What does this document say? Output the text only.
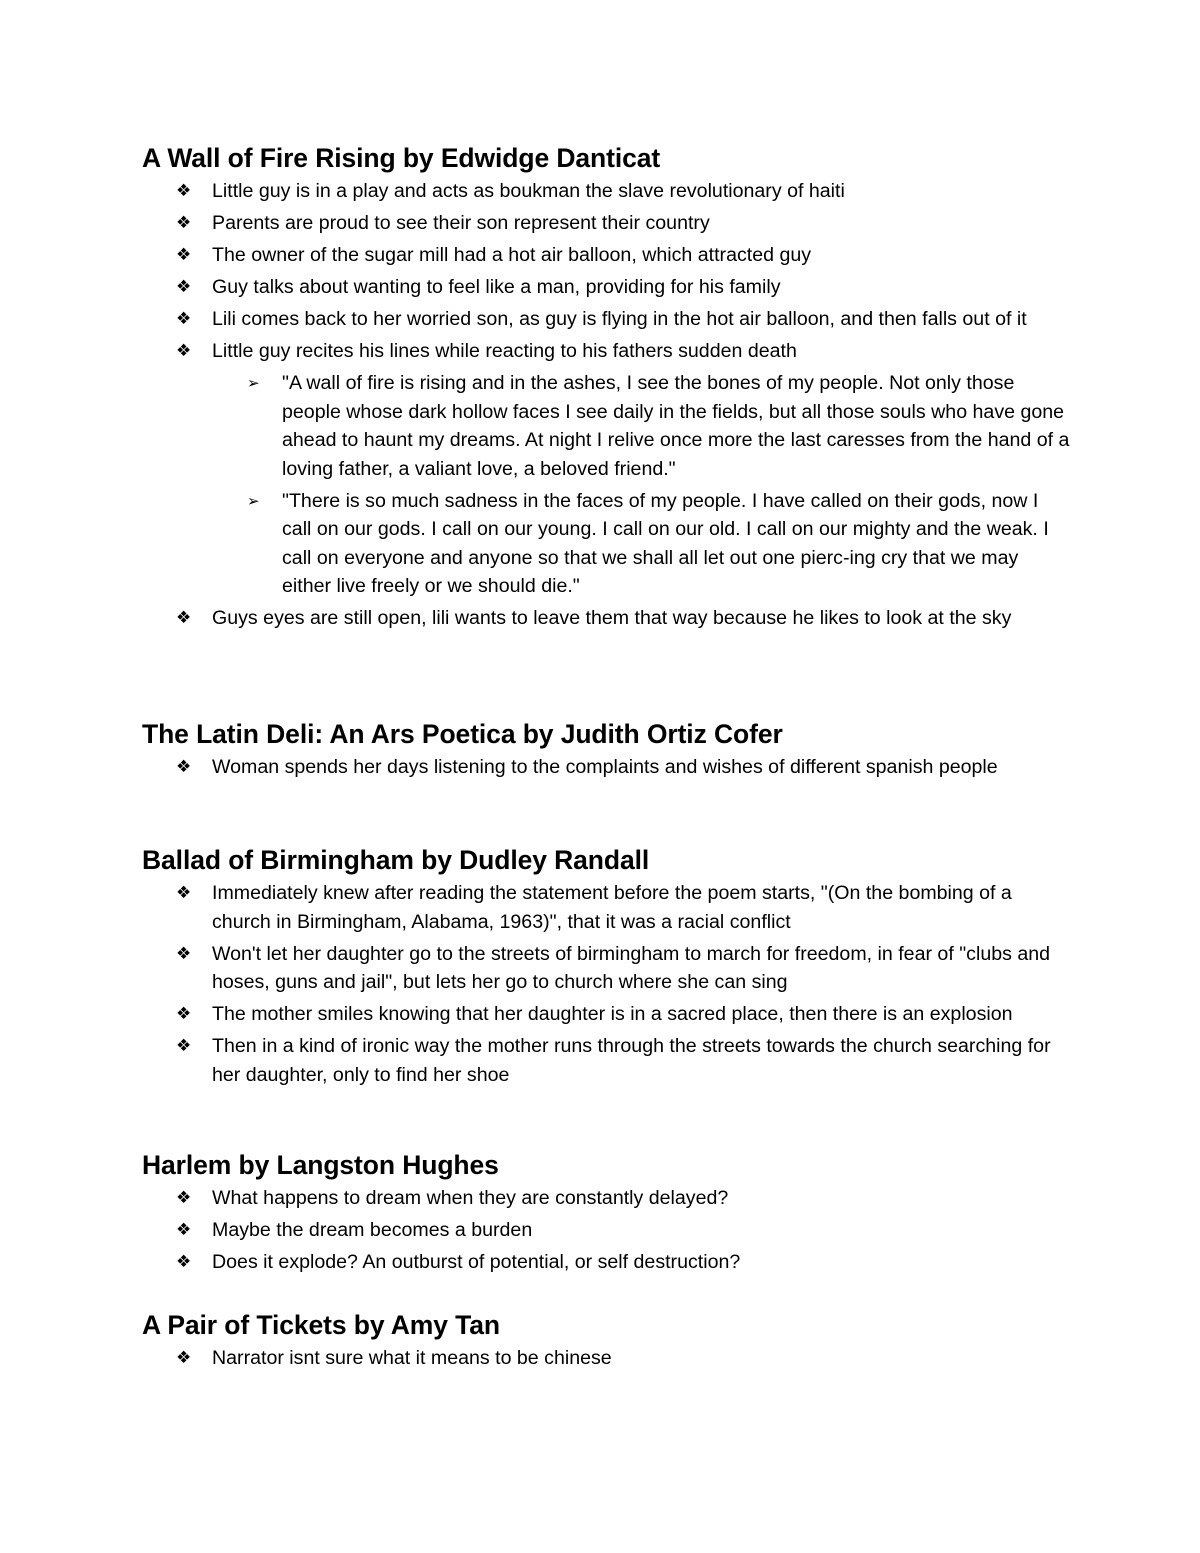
A Wall of Fire Rising by Edwidge Danticat
❖ Little guy is in a play and acts as boukman the slave revolutionary of haiti
❖ Parents are proud to see their son represent their country
❖ The owner of the sugar mill had a hot air balloon, which attracted guy
❖ Guy talks about wanting to feel like a man, providing for his family
❖ Lili comes back to her worried son, as guy is flying in the hot air balloon, and then falls out of it
❖ Little guy recites his lines while reacting to his fathers sudden death
➢ "A wall of fire is rising and in the ashes, I see the bones of my people. Not only those people whose dark hollow faces I see daily in the fields, but all those souls who have gone ahead to haunt my dreams. At night I relive once more the last caresses from the hand of a loving father, a valiant love, a beloved friend."
➢ "There is so much sadness in the faces of my people. I have called on their gods, now I call on our gods. I call on our young. I call on our old. I call on our mighty and the weak. I call on everyone and anyone so that we shall all let out one pierc-ing cry that we may either live freely or we should die."
❖ Guys eyes are still open, lili wants to leave them that way because he likes to look at the sky
The Latin Deli: An Ars Poetica by Judith Ortiz Cofer
❖ Woman spends her days listening to the complaints and wishes of different spanish people
Ballad of Birmingham by Dudley Randall
❖ Immediately knew after reading the statement before the poem starts, "(On the bombing of a church in Birmingham, Alabama, 1963)", that it was a racial conflict
❖ Won't let her daughter go to the streets of birmingham to march for freedom, in fear of "clubs and hoses, guns and jail", but lets her go to church where she can sing
❖ The mother smiles knowing that her daughter is in a sacred place, then there is an explosion
❖ Then in a kind of ironic way the mother runs through the streets towards the church searching for her daughter, only to find her shoe
Harlem by Langston Hughes
❖ What happens to dream when they are constantly delayed?
❖ Maybe the dream becomes a burden
❖ Does it explode? An outburst of potential, or self destruction?
A Pair of Tickets by Amy Tan
❖ Narrator isnt sure what it means to be chinese
